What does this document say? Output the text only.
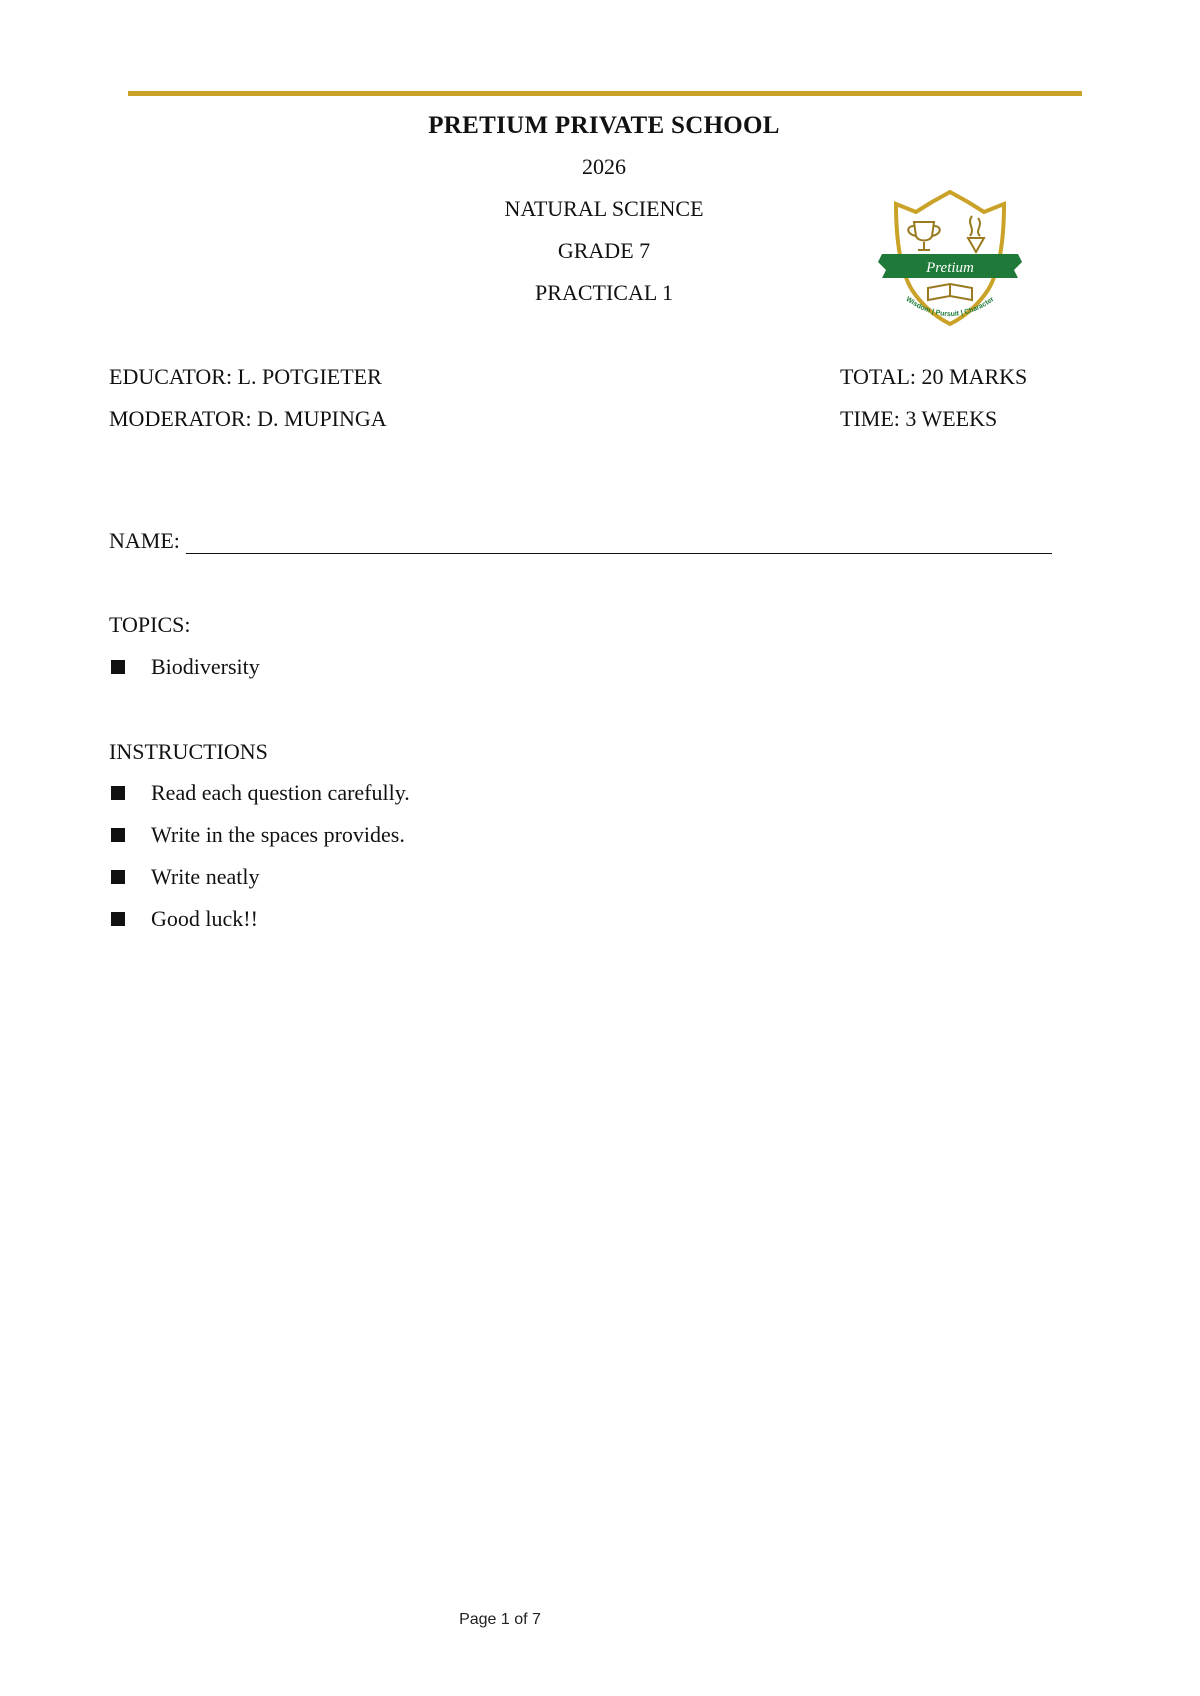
PRETIUM PRIVATE SCHOOL
2026
NATURAL SCIENCE
GRADE 7
PRACTICAL 1
Pretium
Wisdom | Pursuit | Character
EDUCATOR: L. POTGIETER
MODERATOR: D. MUPINGA
TOTAL: 20 MARKS
TIME: 3 WEEKS
NAME:
TOPICS:
Biodiversity
INSTRUCTIONS
Read each question carefully.
Write in the spaces provides.
Write neatly
Good luck!!
Page 1 of 7
